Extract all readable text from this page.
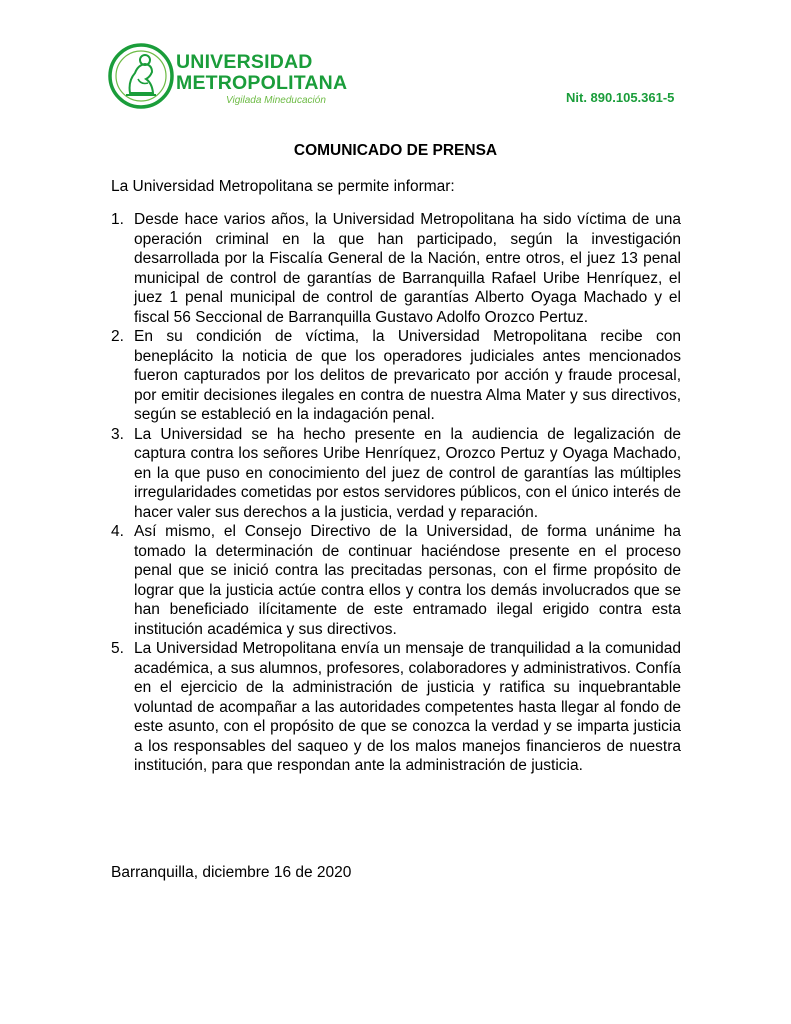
UNIVERSIDAD
METROPOLITANA
Vigilada Mineducación	Nit. 890.105.361-5
COMUNICADO DE PRENSA
La Universidad Metropolitana se permite informar:
1. Desde hace varios años, la Universidad Metropolitana ha sido víctima de una operación criminal en la que han participado, según la investigación desarrollada por la Fiscalía General de la Nación, entre otros, el juez 13 penal municipal de control de garantías de Barranquilla Rafael Uribe Henríquez, el juez 1 penal municipal de control de garantías Alberto Oyaga Machado y el fiscal 56 Seccional de Barranquilla Gustavo Adolfo Orozco Pertuz.
2. En su condición de víctima, la Universidad Metropolitana recibe con beneplácito la noticia de que los operadores judiciales antes mencionados fueron capturados por los delitos de prevaricato por acción y fraude procesal, por emitir decisiones ilegales en contra de nuestra Alma Mater y sus directivos, según se estableció en la indagación penal.
3. La Universidad se ha hecho presente en la audiencia de legalización de captura contra los señores Uribe Henríquez, Orozco Pertuz y Oyaga Machado, en la que puso en conocimiento del juez de control de garantías las múltiples irregularidades cometidas por estos servidores públicos, con el único interés de hacer valer sus derechos a la justicia, verdad y reparación.
4. Así mismo, el Consejo Directivo de la Universidad, de forma unánime ha tomado la determinación de continuar haciéndose presente en el proceso penal que se inició contra las precitadas personas, con el firme propósito de lograr que la justicia actúe contra ellos y contra los demás involucrados que se han beneficiado ilícitamente de este entramado ilegal erigido contra esta institución académica y sus directivos.
5. La Universidad Metropolitana envía un mensaje de tranquilidad a la comunidad académica, a sus alumnos, profesores, colaboradores y administrativos. Confía en el ejercicio de la administración de justicia y ratifica su inquebrantable voluntad de acompañar a las autoridades competentes hasta llegar al fondo de este asunto, con el propósito de que se conozca la verdad y se imparta justicia a los responsables del saqueo y de los malos manejos financieros de nuestra institución, para que respondan ante la administración de justicia.
Barranquilla, diciembre 16 de 2020
